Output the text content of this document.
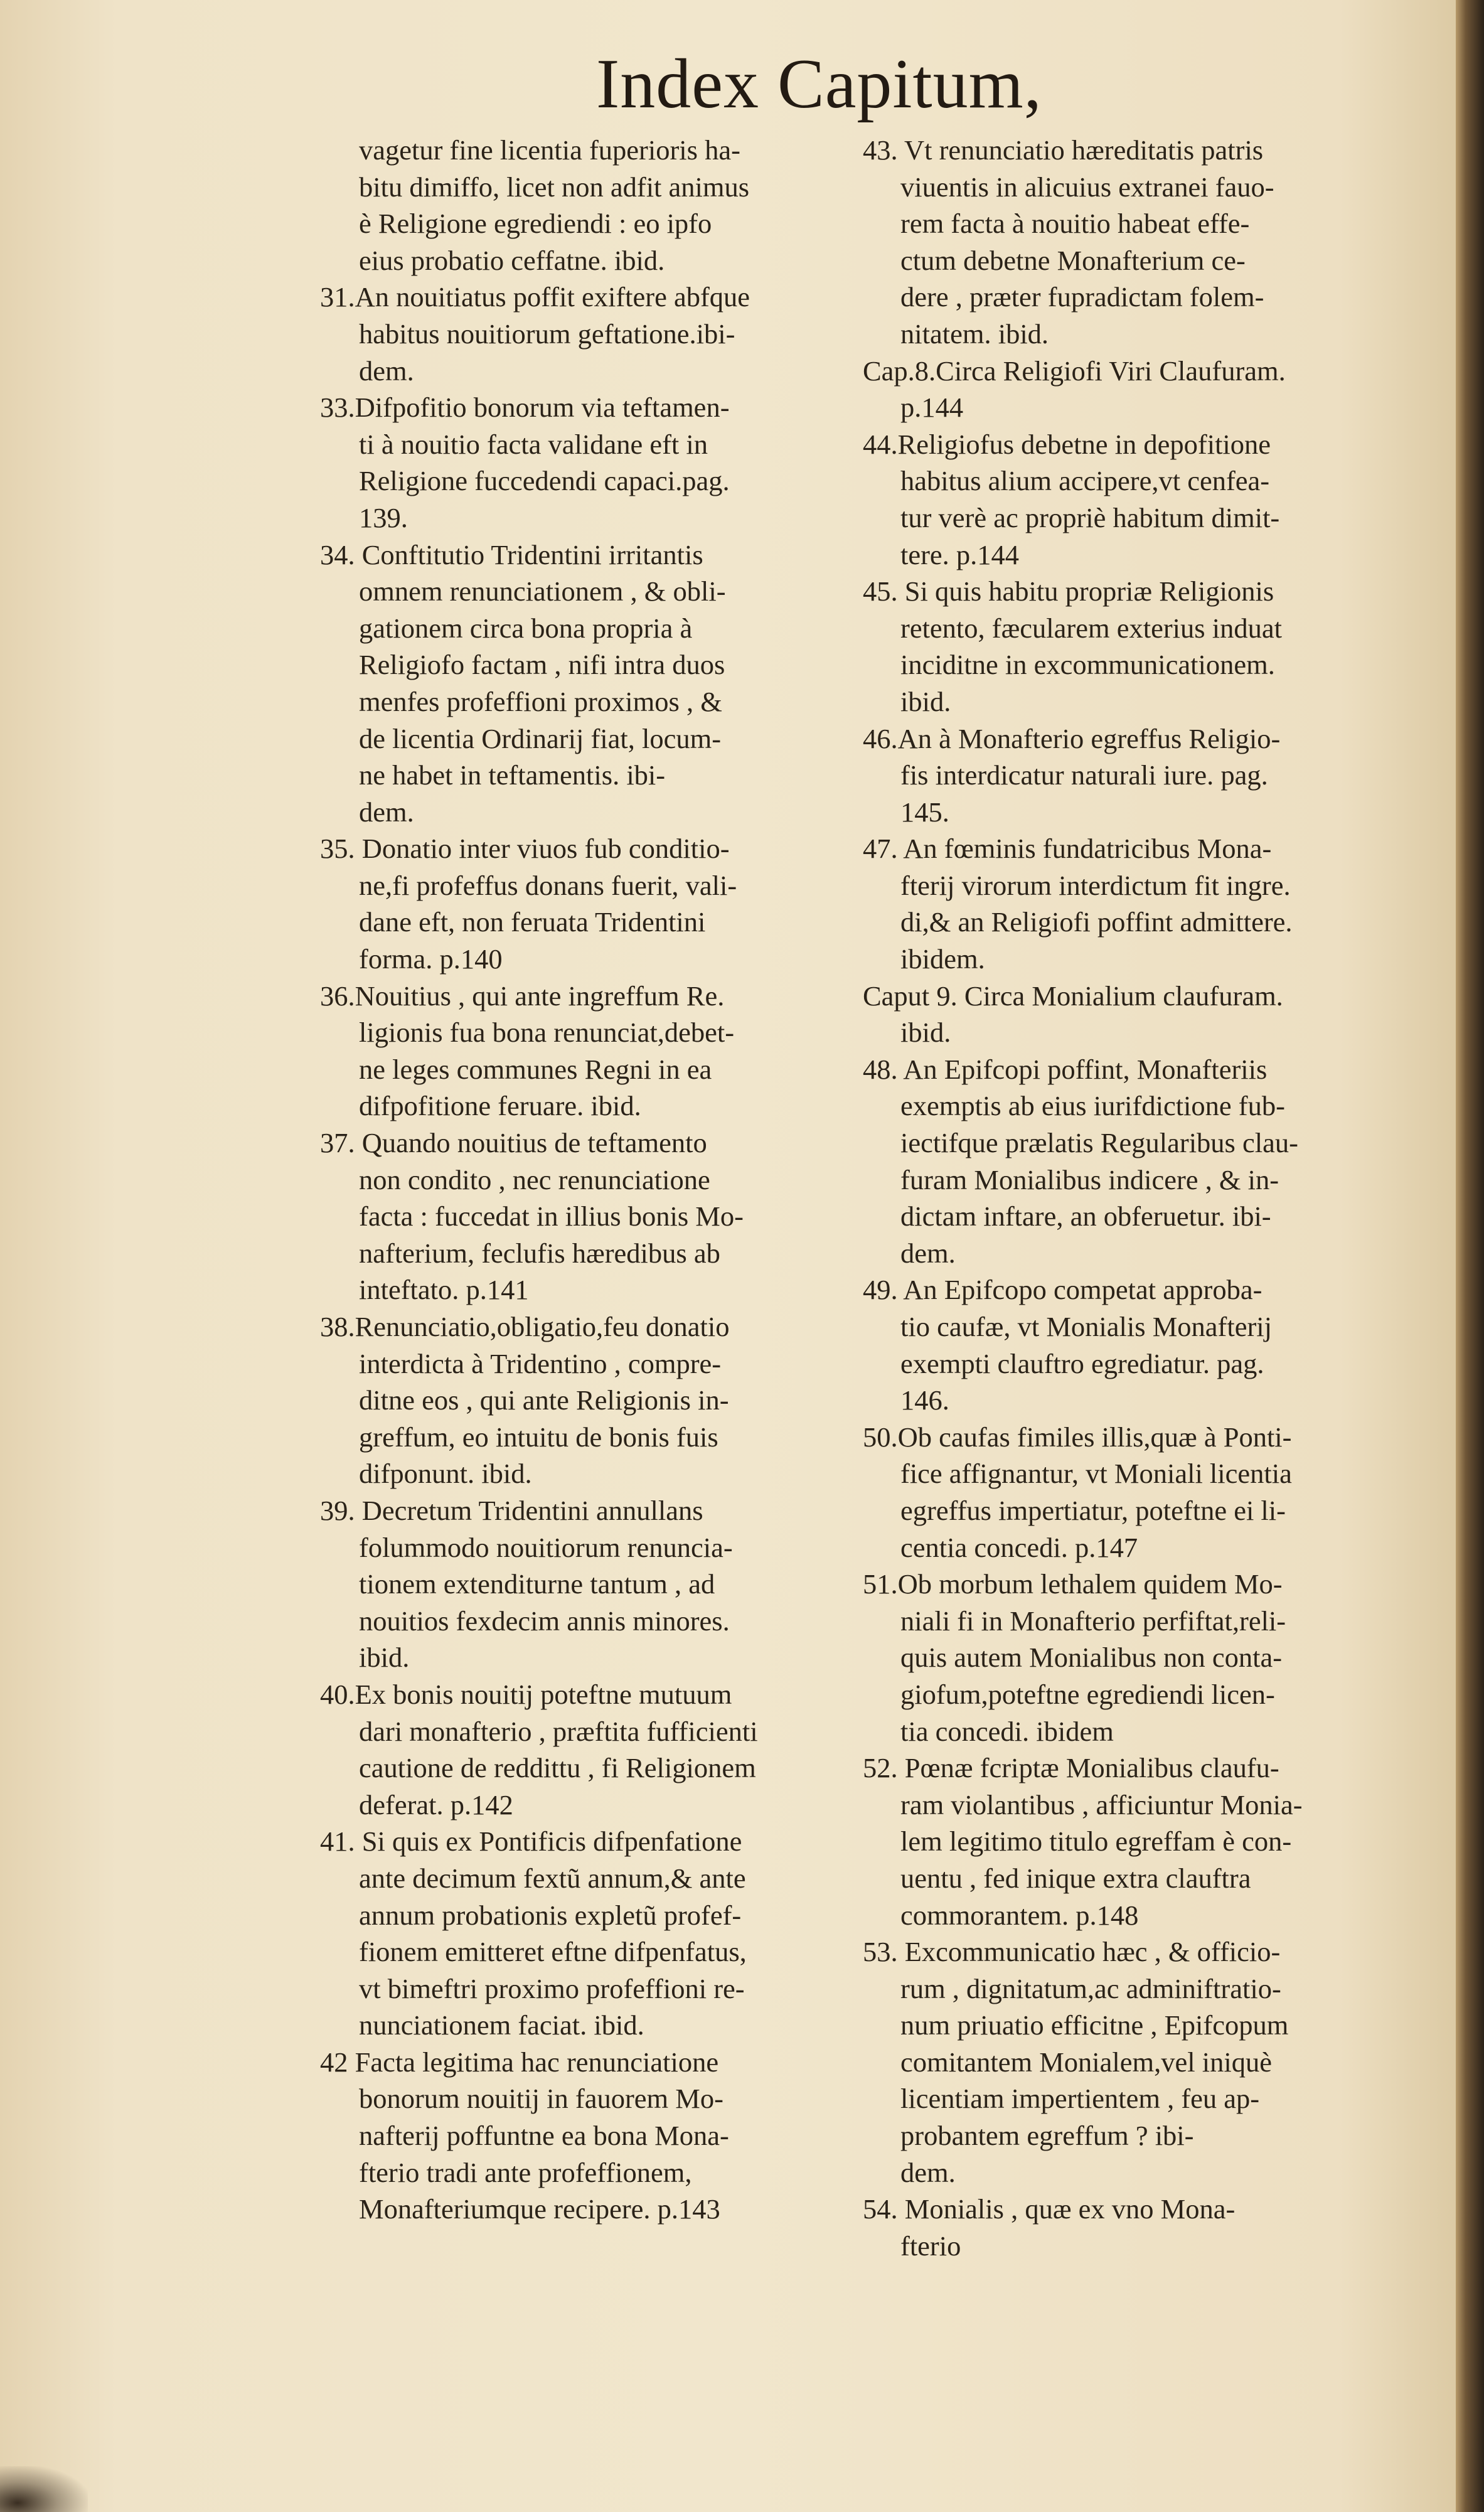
Index Capitum,
vagetur fine licentia fuperioris ha-
bitu dimiffo, licet non adfit animus
è Religione egrediendi : eo ipfo
eius probatio ceffatne. ibid.
31.An nouitiatus poffit exiftere abfque
habitus nouitiorum geftatione.ibi-
dem.
33.Difpofitio bonorum via teftamen-
ti à nouitio facta validane eft in
Religione fuccedendi capaci.pag.
139.
34. Conftitutio Tridentini irritantis
omnem renunciationem , & obli-
gationem circa bona propria à
Religiofo factam , nifi intra duos
menfes profeffioni proximos , &
de licentia Ordinarij fiat, locum-
ne habet in teftamentis. ibi-
dem.
35. Donatio inter viuos fub conditio-
ne,fi profeffus donans fuerit, vali-
dane eft, non feruata Tridentini
forma. p.140
36.Nouitius , qui ante ingreffum Re.
ligionis fua bona renunciat,debet-
ne leges communes Regni in ea
difpofitione feruare. ibid.
37. Quando nouitius de teftamento
non condito , nec renunciatione
facta : fuccedat in illius bonis Mo-
nafterium, feclufis hæredibus ab
inteftato. p.141
38.Renunciatio,obligatio,feu donatio
interdicta à Tridentino , compre-
ditne eos , qui ante Religionis in-
greffum, eo intuitu de bonis fuis
difponunt. ibid.
39. Decretum Tridentini annullans
folummodo nouitiorum renuncia-
tionem extenditurne tantum , ad
nouitios fexdecim annis minores.
ibid.
40.Ex bonis nouitij poteftne mutuum
dari monafterio , præftita fufficienti
cautione de reddittu , fi Religionem
deferat. p.142
41. Si quis ex Pontificis difpenfatione
ante decimum fextũ annum,& ante
annum probationis expletũ profef-
fionem emitteret eftne difpenfatus,
vt bimeftri proximo profeffioni re-
nunciationem faciat. ibid.
42 Facta legitima hac renunciatione
bonorum nouitij in fauorem Mo-
nafterij poffuntne ea bona Mona-
fterio tradi ante profeffionem,
Monafteriumque recipere. p.143
43. Vt renunciatio hæreditatis patris
viuentis in alicuius extranei fauo-
rem facta à nouitio habeat effe-
ctum debetne Monafterium ce-
dere , præter fupradictam folem-
nitatem. ibid.
Cap.8.Circa Religiofi Viri Claufuram.
p.144
44.Religiofus debetne in depofitione
habitus alium accipere,vt cenfea-
tur verè ac propriè habitum dimit-
tere. p.144
45. Si quis habitu propriæ Religionis
retento, fæcularem exterius induat
inciditne in excommunicationem.
ibid.
46.An à Monafterio egreffus Religio-
fis interdicatur naturali iure. pag.
145.
47. An fœminis fundatricibus Mona-
fterij virorum interdictum fit ingre.
di,& an Religiofi poffint admittere.
ibidem.
Caput 9. Circa Monialium claufuram.
ibid.
48. An Epifcopi poffint, Monafteriis
exemptis ab eius iurifdictione fub-
iectifque prælatis Regularibus clau-
furam Monialibus indicere , & in-
dictam inftare, an obferuetur. ibi-
dem.
49. An Epifcopo competat approba-
tio caufæ, vt Monialis Monafterij
exempti clauftro egrediatur. pag.
146.
50.Ob caufas fimiles illis,quæ à Ponti-
fice affignantur, vt Moniali licentia
egreffus impertiatur, poteftne ei li-
centia concedi. p.147
51.Ob morbum lethalem quidem Mo-
niali fi in Monafterio perfiftat,reli-
quis autem Monialibus non conta-
giofum,poteftne egrediendi licen-
tia concedi. ibidem
52. Pœnæ fcriptæ Monialibus claufu-
ram violantibus , afficiuntur Monia-
lem legitimo titulo egreffam è con-
uentu , fed inique extra clauftra
commorantem. p.148
53. Excommunicatio hæc , & officio-
rum , dignitatum,ac adminiftratio-
num priuatio efficitne , Epifcopum
comitantem Monialem,vel iniquè
licentiam impertientem , feu ap-
probantem egreffum ? ibi-
dem.
54. Monialis , quæ ex vno Mona-
fterio
